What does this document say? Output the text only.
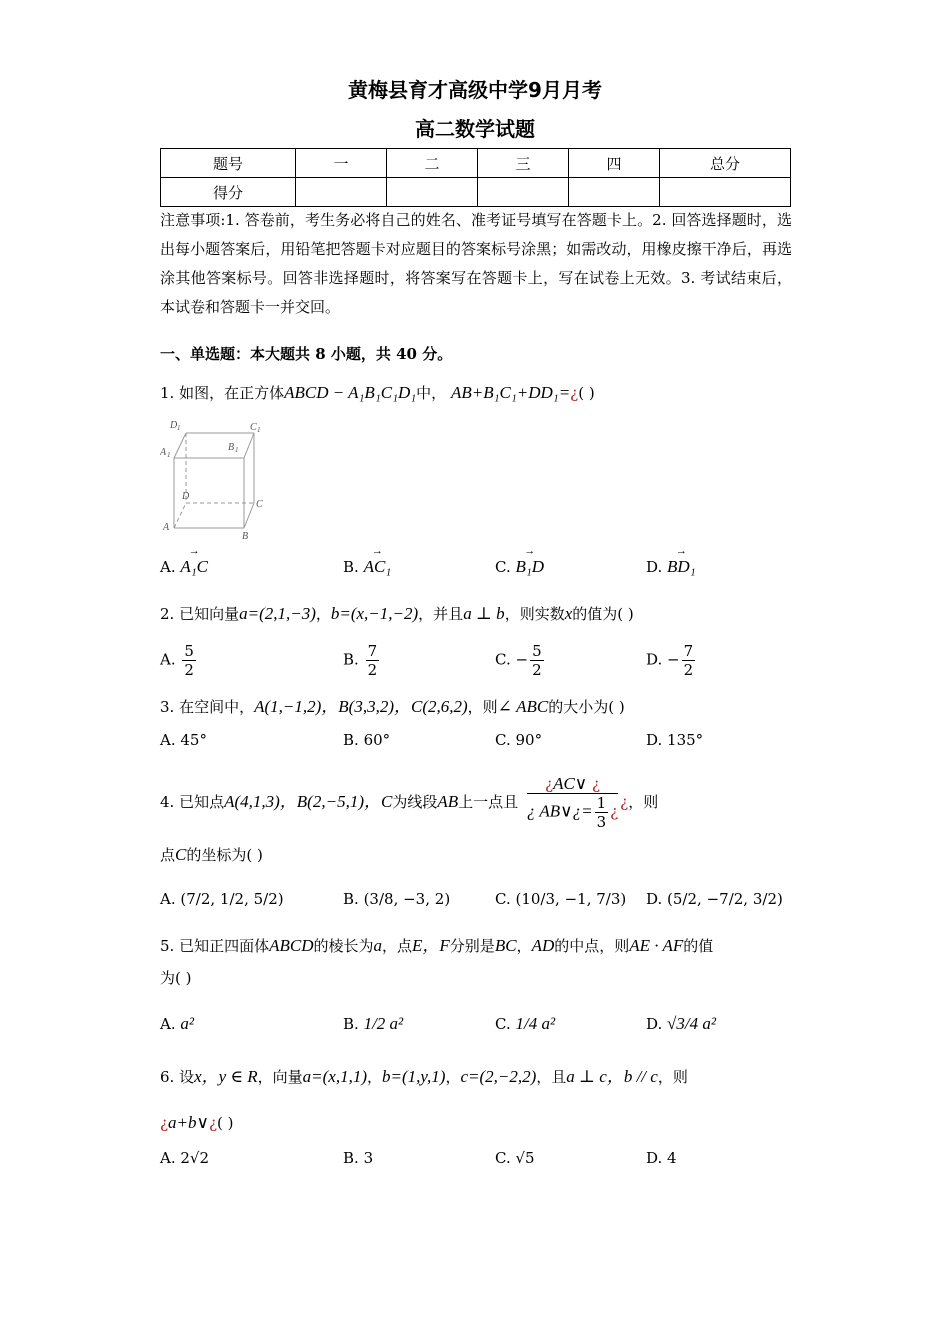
黄梅县育才高级中学9月月考
高二数学试题
题号	一	二	三	四	总分
得分					
注意事项:1. 答卷前，考生务必将自己的姓名、准考证号填写在答题卡上。2. 回答选择题时，选出每小题答案后，用铅笔把答题卡对应题目的答案标号涂黑；如需改动，用橡皮擦干净后，再选涂其他答案标号。回答非选择题时，将答案写在答题卡上，写在试卷上无效。3. 考试结束后，本试卷和答题卡一并交回。
一、单选题：本大题共 8 小题，共 40 分。
1. 如图，在正方体ABCD − A₁B₁C₁D₁中， AB+B₁C₁+DD₁=¿( )
D 1	C 1
A 1
B 1
D
C
A
B
A. → A₁C	B. → AC₁	C. → B₁D	D. → BD₁
2. 已知向量a=(2,1,−3)，b=(x,−1,−2)，并且a ⊥ b，则实数x的值为( )
A. $\frac{5}{2}$	B. $\frac{7}{2}$	C. − $\frac{5}{2}$	D. − $\frac{7}{2}$
3. 在空间中，A(1,−1,2)，B(3,3,2)，C(2,6,2)，则∠ ABC的大小为( )
A. 45°	B. 60°	C. 90°	D. 135°
4. 已知点A(4,1,3)，B(2,−5,1)，C为线段AB上一点且 $\frac{¿AC\vee ¿}{¿ AB\vee¿= \frac{1}{3} ¿}$ ¿，则
点C的坐标为( )
A. (7/2, 1/2, 5/2)	B. (3/8, −3, 2)	C. (10/3, −1, 7/3) D. (5/2, −7/2, 3/2)
5. 已知正四面体ABCD的棱长为a，点E，F分别是BC，AD的中点，则AE · AF的值
为( )
A. a²	B. 1/2 a²	C. 1/4 a²	D. √3/4 a²
6. 设x，y ∈ R，向量a=(x,1,1)，b=(1,y,1)，c=(2,−2,2)，且a ⊥ c，b // c，则
¿a+b∨¿( )
A. 2√2	B. 3	C. √5	D. 4
